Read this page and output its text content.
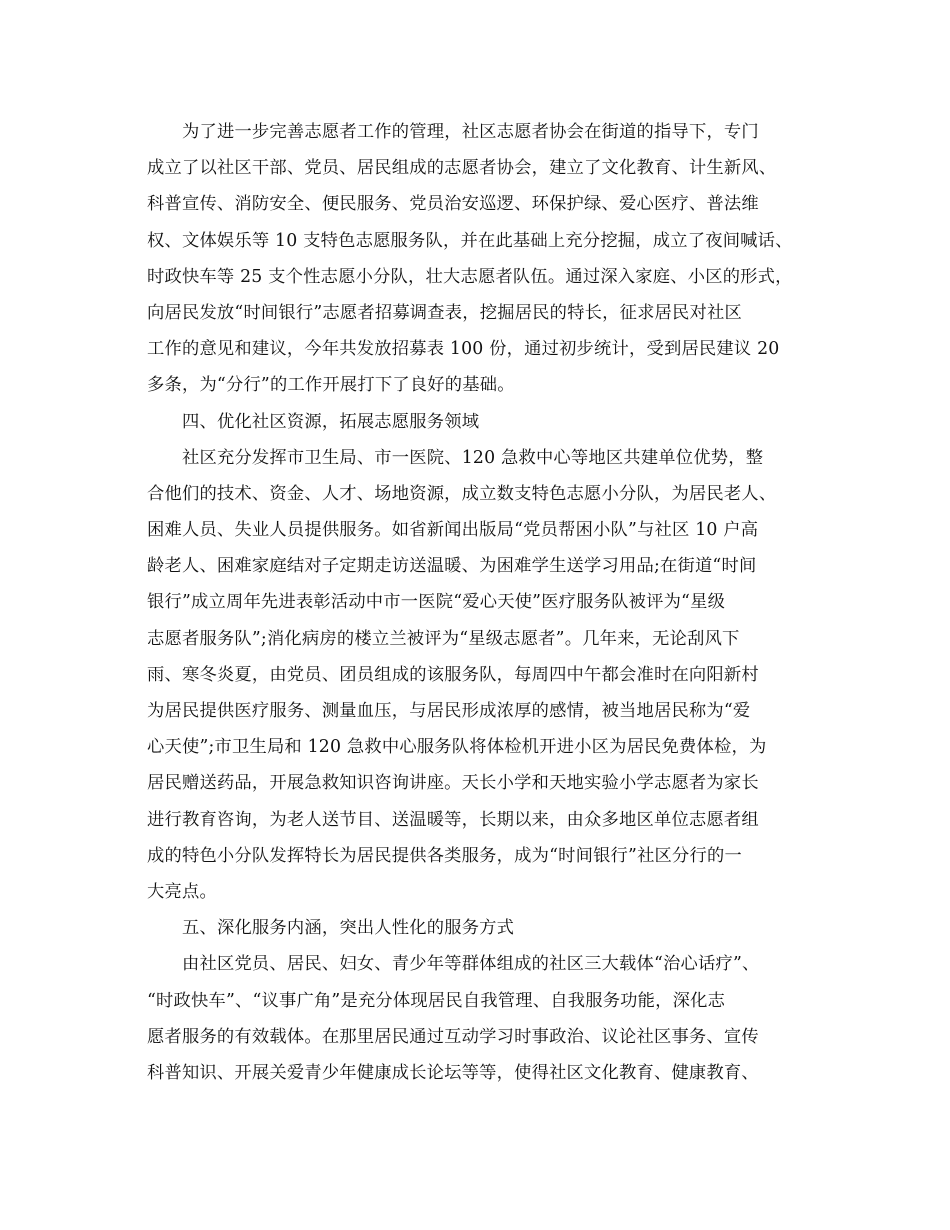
为了进一步完善志愿者工作的管理，社区志愿者协会在街道的指导下，专门
成立了以社区干部、党员、居民组成的志愿者协会，建立了文化教育、计生新风、
科普宣传、消防安全、便民服务、党员治安巡逻、环保护绿、爱心医疗、普法维
权、文体娱乐等 10 支特色志愿服务队，并在此基础上充分挖掘，成立了夜间喊话、
时政快车等 25 支个性志愿小分队，壮大志愿者队伍。通过深入家庭、小区的形式，
向居民发放“时间银行”志愿者招募调查表，挖掘居民的特长，征求居民对社区
工作的意见和建议，今年共发放招募表 100 份，通过初步统计，受到居民建议 20
多条，为“分行”的工作开展打下了良好的基础。
四、优化社区资源，拓展志愿服务领域
社区充分发挥市卫生局、市一医院、120 急救中心等地区共建单位优势，整
合他们的技术、资金、人才、场地资源，成立数支特色志愿小分队，为居民老人、
困难人员、失业人员提供服务。如省新闻出版局“党员帮困小队”与社区 10 户高
龄老人、困难家庭结对子定期走访送温暖、为困难学生送学习用品;在街道“时间
银行”成立周年先进表彰活动中市一医院“爱心天使”医疗服务队被评为“星级
志愿者服务队”;消化病房的楼立兰被评为“星级志愿者”。几年来，无论刮风下
雨、寒冬炎夏，由党员、团员组成的该服务队，每周四中午都会准时在向阳新村
为居民提供医疗服务、测量血压，与居民形成浓厚的感情，被当地居民称为“爱
心天使”;市卫生局和 120 急救中心服务队将体检机开进小区为居民免费体检，为
居民赠送药品，开展急救知识咨询讲座。天长小学和天地实验小学志愿者为家长
进行教育咨询，为老人送节目、送温暖等，长期以来，由众多地区单位志愿者组
成的特色小分队发挥特长为居民提供各类服务，成为“时间银行”社区分行的一
大亮点。
五、深化服务内涵，突出人性化的服务方式
由社区党员、居民、妇女、青少年等群体组成的社区三大载体“治心话疗”、
“时政快车”、“议事广角”是充分体现居民自我管理、自我服务功能，深化志
愿者服务的有效载体。在那里居民通过互动学习时事政治、议论社区事务、宣传
科普知识、开展关爱青少年健康成长论坛等等，使得社区文化教育、健康教育、
